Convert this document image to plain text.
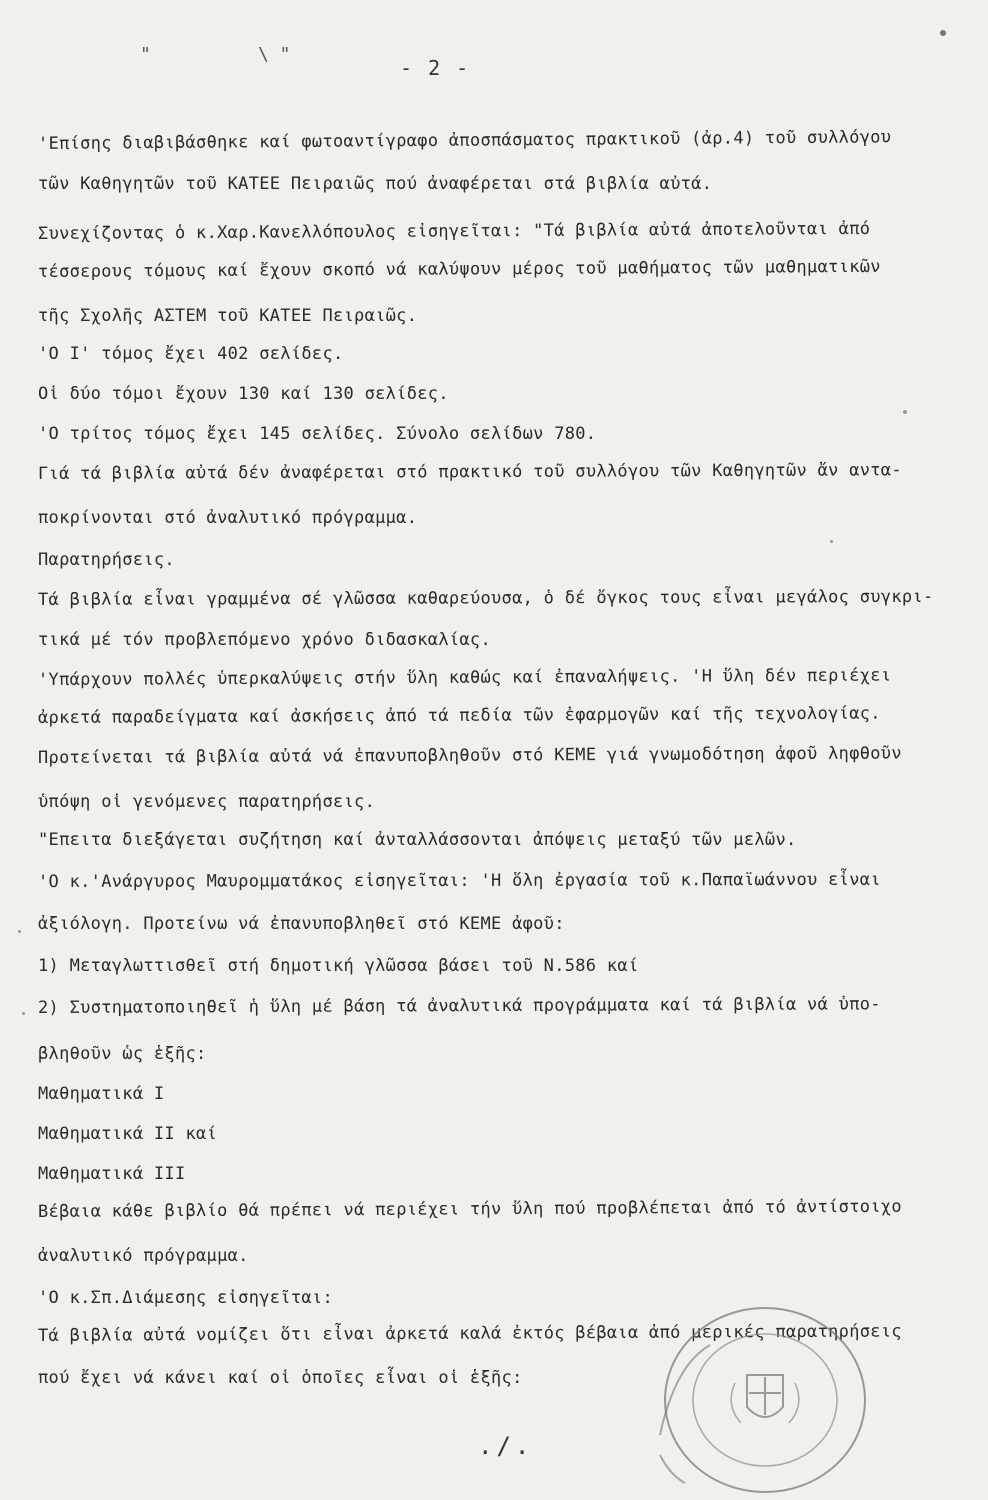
"	\ "
- 2 -
'Επίσης διαβιβάσθηκε καί φωτοαντίγραφο ἀποσπάσματος πρακτικοῦ (ἀρ.4) τοῦ συλλόγου
τῶν Καθηγητῶν τοῦ ΚΑΤΕΕ Πειραιῶς πού ἀναφέρεται στά βιβλία αὐτά.
Συνεχίζοντας ὁ κ.Χαρ.Κανελλόπουλος εἰσηγεῖται: "Τά βιβλία αὐτά ἀποτελοῦνται ἀπό
τέσσερους τόμους καί ἔχουν σκοπό νά καλύψουν μέρος τοῦ μαθήματος τῶν μαθηματικῶν
τῆς Σχολῆς ΑΣΤΕΜ τοῦ ΚΑΤΕΕ Πειραιῶς.
'Ο Ι' τόμος ἔχει 402 σελίδες.
Οἱ δύο τόμοι ἔχουν 130 καί 130 σελίδες.
'Ο τρίτος τόμος ἔχει 145 σελίδες. Σύνολο σελίδων 780.
Γιά τά βιβλία αὐτά δέν ἀναφέρεται στό πρακτικό τοῦ συλλόγου τῶν Καθηγητῶν ἄν αντα-
ποκρίνονται στό ἀναλυτικό πρόγραμμα.
Παρατηρήσεις.
Τά βιβλία εἶναι γραμμένα σέ γλῶσσα καθαρεύουσα, ὁ δέ ὄγκος τους εἶναι μεγάλος συγκρι-
τικά μέ τόν προβλεπόμενο χρόνο διδασκαλίας.
'Υπάρχουν πολλές ὑπερκαλύψεις στήν ὕλη καθώς καί ἐπαναλήψεις. 'Η ὕλη δέν περιέχει
ἀρκετά παραδείγματα καί ἀσκήσεις ἀπό τά πεδία τῶν ἐφαρμογῶν καί τῆς τεχνολογίας.
Προτείνεται τά βιβλία αὐτά νά ἐπανυποβληθοῦν στό ΚΕΜΕ γιά γνωμοδότηση ἀφοῦ ληφθοῦν
ὑπόψη οἱ γενόμενες παρατηρήσεις.
"Επειτα διεξάγεται συζήτηση καί ἀνταλλάσσονται ἀπόψεις μεταξύ τῶν μελῶν.
'Ο κ.'Ανάργυρος Μαυρομματάκος εἰσηγεῖται: 'Η ὅλη ἐργασία τοῦ κ.Παπαϊωάννου εἶναι
ἀξιόλογη. Προτείνω νά ἐπανυποβληθεῖ στό ΚΕΜΕ ἀφοῦ:
1) Μεταγλωττισθεῖ στή δημοτική γλῶσσα βάσει τοῦ Ν.586 καί
2) Συστηματοποιηθεῖ ἡ ὕλη μέ βάση τά ἀναλυτικά προγράμματα καί τά βιβλία νά ὑπο-
βληθοῦν ὡς ἑξῆς:
Μαθηματικά Ι
Μαθηματικά ΙΙ καί
Μαθηματικά ΙΙΙ
Βέβαια κάθε βιβλίο θά πρέπει νά περιέχει τήν ὕλη πού προβλέπεται ἀπό τό ἀντίστοιχο
ἀναλυτικό πρόγραμμα.
'Ο κ.Σπ.Διάμεσης εἰσηγεῖται:
Τά βιβλία αὐτά νομίζει ὅτι εἶναι ἀρκετά καλά ἐκτός βέβαια ἀπό μερικές παρατηρήσεις
πού ἔχει νά κάνει καί οἱ ὁποῖες εἶναι οἱ ἑξῆς:
./.
